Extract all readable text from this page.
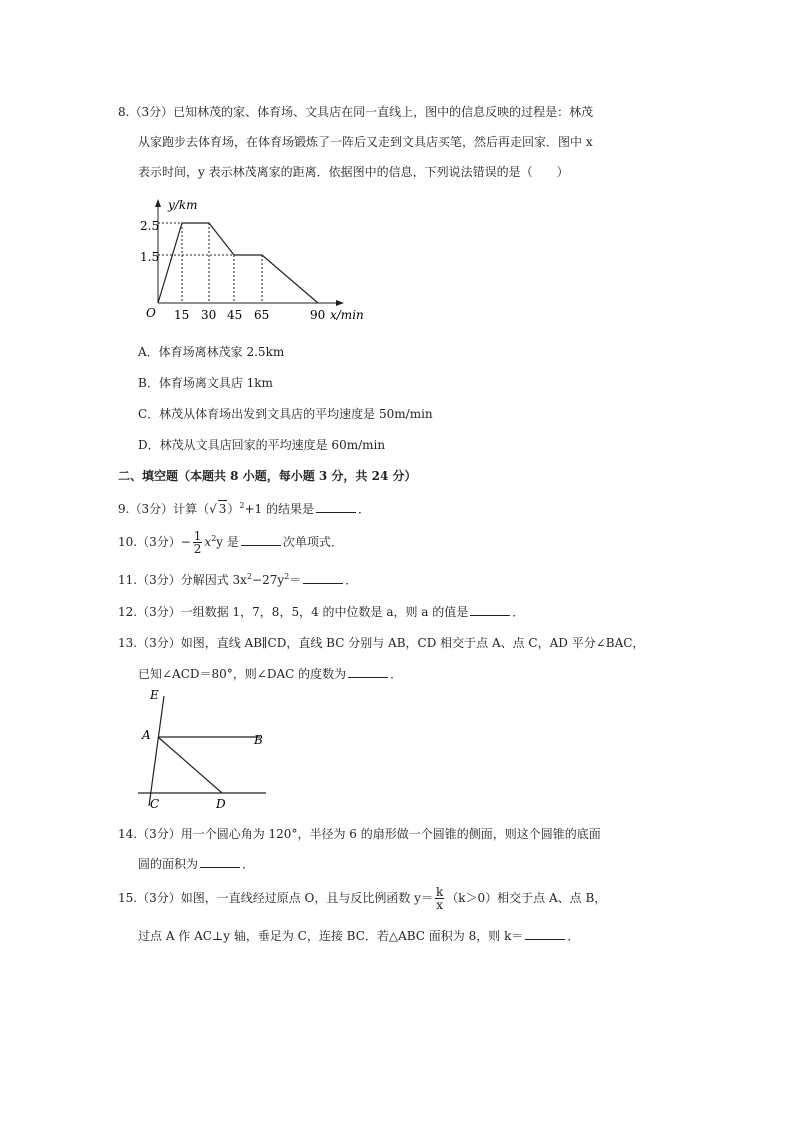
8.（3分）已知林茂的家、体育场、文具店在同一直线上，图中的信息反映的过程是：林茂
从家跑步去体育场，在体育场锻炼了一阵后又走到文具店买笔，然后再走回家．图中 x
表示时间，y 表示林茂离家的距离．依据图中的信息，下列说法错误的是（　　）
y/km
O
2.5
1.5
15 30 45 65	90 x/min
A．体育场离林茂家 2.5km
B．体育场离文具店 1km
C．林茂从体育场出发到文具店的平均速度是 50m/min
D．林茂从文具店回家的平均速度是 60m/min
二、填空题（本题共 8 小题，每小题 3 分，共 24 分）
9.（3分）计算（√ 3）$^2$+1 的结果是	．
10.（3分）− $\frac{1}{2} x^2y$ 是	次单项式．
11.（3分）分解因式 $3x^2-27y^2=$	．
12.（3分）一组数据 1，7，8，5，4 的中位数是 a，则 a 的值是	．
13.（3分）如图，直线 AB∥CD，直线 BC 分别与 AB，CD 相交于点 A、点 C，AD 平分∠BAC，
已知∠ACD＝80°，则∠DAC 的度数为	．
E
A	B
C	D
14.（3分）用一个圆心角为 120°，半径为 6 的扇形做一个圆锥的侧面，则这个圆锥的底面
圆的面积为	．
15.（3分）如图，一直线经过原点 O，且与反比例函数 $y= \frac{k}{x} (k>0)$相交于点 A、点 B，
过点 A 作 AC⊥y 轴，垂足为 C，连接 BC．若△ABC 面积为 8，则 k＝	．
